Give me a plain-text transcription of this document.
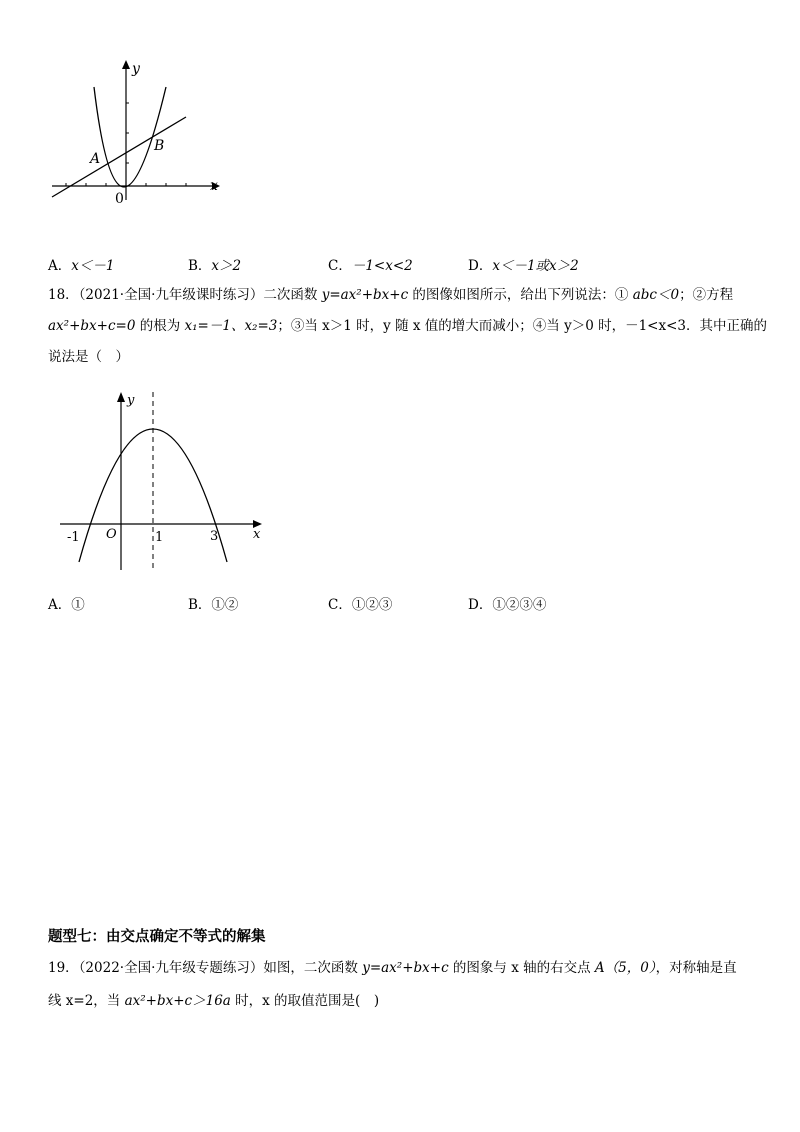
y
x
0
A
B
A．x＜－1	B．x＞2	C．－1<x<2	D．x＜－1或x＞2
18．（2021·全国·九年级课时练习）二次函数 y=ax²+bx+c 的图像如图所示，给出下列说法：① abc＜0；②方程
ax²+bx+c=0 的根为 x₁=－1、x₂=3；③当 x＞1 时，y 随 x 值的增大而减小；④当 y＞0 时，－1<x<3．其中正确的
说法是（　）
y
x
O
-1	1	3
A．①	B．①②	C．①②③	D．①②③④
题型七：由交点确定不等式的解集
19．（2022·全国·九年级专题练习）如图，二次函数 y=ax²+bx+c 的图象与 x 轴的右交点 A（5，0），对称轴是直
线 x=2，当 ax²+bx+c＞16a 时，x 的取值范围是(　)
